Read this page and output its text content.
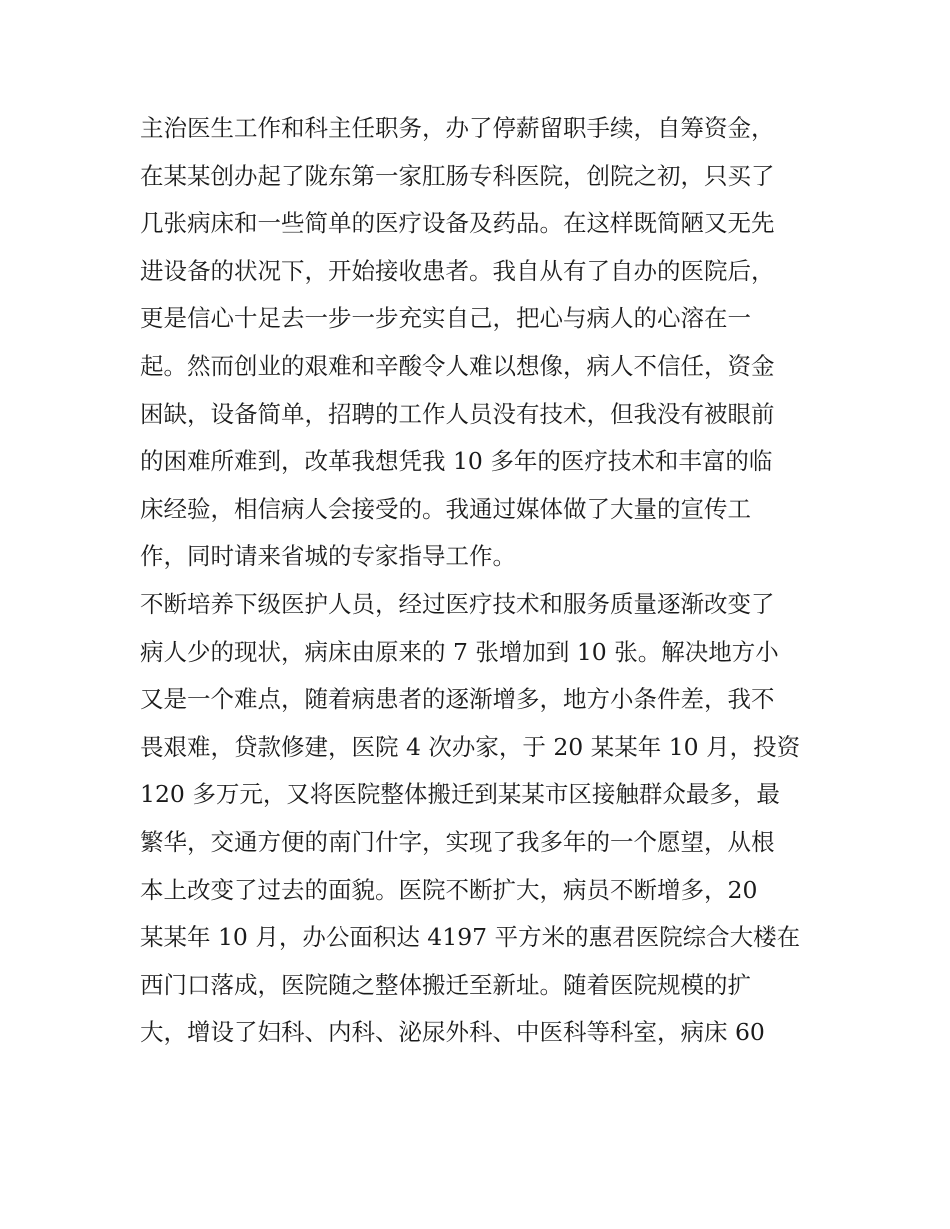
主治医生工作和科主任职务，办了停薪留职手续，自筹资金，
在某某创办起了陇东第一家肛肠专科医院，创院之初，只买了
几张病床和一些简单的医疗设备及药品。在这样既简陋又无先
进设备的状况下，开始接收患者。我自从有了自办的医院后，
更是信心十足去一步一步充实自己，把心与病人的心溶在一
起。然而创业的艰难和辛酸令人难以想像，病人不信任，资金
困缺，设备简单，招聘的工作人员没有技术，但我没有被眼前
的困难所难到，改革我想凭我 10 多年的医疗技术和丰富的临
床经验，相信病人会接受的。我通过媒体做了大量的宣传工
作，同时请来省城的专家指导工作。
不断培养下级医护人员，经过医疗技术和服务质量逐渐改变了
病人少的现状，病床由原来的 7 张增加到 10 张。解决地方小
又是一个难点，随着病患者的逐渐增多，地方小条件差，我不
畏艰难，贷款修建，医院 4 次办家，于 20 某某年 10 月，投资
120 多万元，又将医院整体搬迁到某某市区接触群众最多，最
繁华，交通方便的南门什字，实现了我多年的一个愿望，从根
本上改变了过去的面貌。医院不断扩大，病员不断增多，20
某某年 10 月，办公面积达 4197 平方米的惠君医院综合大楼在
西门口落成，医院随之整体搬迁至新址。随着医院规模的扩
大，增设了妇科、内科、泌尿外科、中医科等科室，病床 60
